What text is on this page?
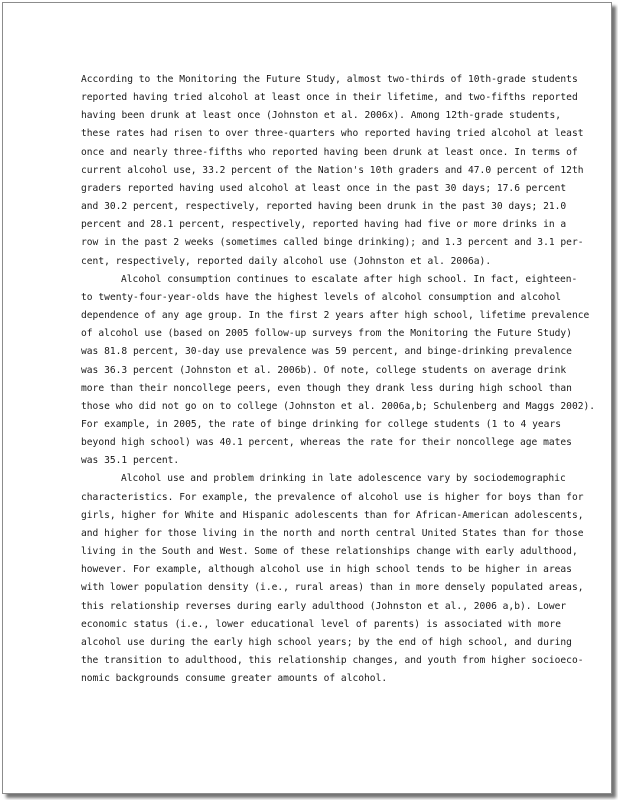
According to the Monitoring the Future Study, almost two-thirds of 10th-grade students
reported having tried alcohol at least once in their lifetime, and two-fifths reported
having been drunk at least once (Johnston et al. 2006x). Among 12th-grade students,
these rates had risen to over three-quarters who reported having tried alcohol at least
once and nearly three-fifths who reported having been drunk at least once. In terms of
current alcohol use, 33.2 percent of the Nation's 10th graders and 47.0 percent of 12th
graders reported having used alcohol at least once in the past 30 days; 17.6 percent
and 30.2 percent, respectively, reported having been drunk in the past 30 days; 21.0
percent and 28.1 percent, respectively, reported having had five or more drinks in a
row in the past 2 weeks (sometimes called binge drinking); and 1.3 percent and 3.1 per-
cent, respectively, reported daily alcohol use (Johnston et al. 2006a).
Alcohol consumption continues to escalate after high school. In fact, eighteen-
to twenty-four-year-olds have the highest levels of alcohol consumption and alcohol
dependence of any age group. In the first 2 years after high school, lifetime prevalence
of alcohol use (based on 2005 follow-up surveys from the Monitoring the Future Study)
was 81.8 percent, 30-day use prevalence was 59 percent, and binge-drinking prevalence
was 36.3 percent (Johnston et al. 2006b). Of note, college students on average drink
more than their noncollege peers, even though they drank less during high school than
those who did not go on to college (Johnston et al. 2006a,b; Schulenberg and Maggs 2002).
For example, in 2005, the rate of binge drinking for college students (1 to 4 years
beyond high school) was 40.1 percent, whereas the rate for their noncollege age mates
was 35.1 percent.
Alcohol use and problem drinking in late adolescence vary by sociodemographic
characteristics. For example, the prevalence of alcohol use is higher for boys than for
girls, higher for White and Hispanic adolescents than for African-American adolescents,
and higher for those living in the north and north central United States than for those
living in the South and West. Some of these relationships change with early adulthood,
however. For example, although alcohol use in high school tends to be higher in areas
with lower population density (i.e., rural areas) than in more densely populated areas,
this relationship reverses during early adulthood (Johnston et al., 2006 a,b). Lower
economic status (i.e., lower educational level of parents) is associated with more
alcohol use during the early high school years; by the end of high school, and during
the transition to adulthood, this relationship changes, and youth from higher socioeco-
nomic backgrounds consume greater amounts of alcohol.
